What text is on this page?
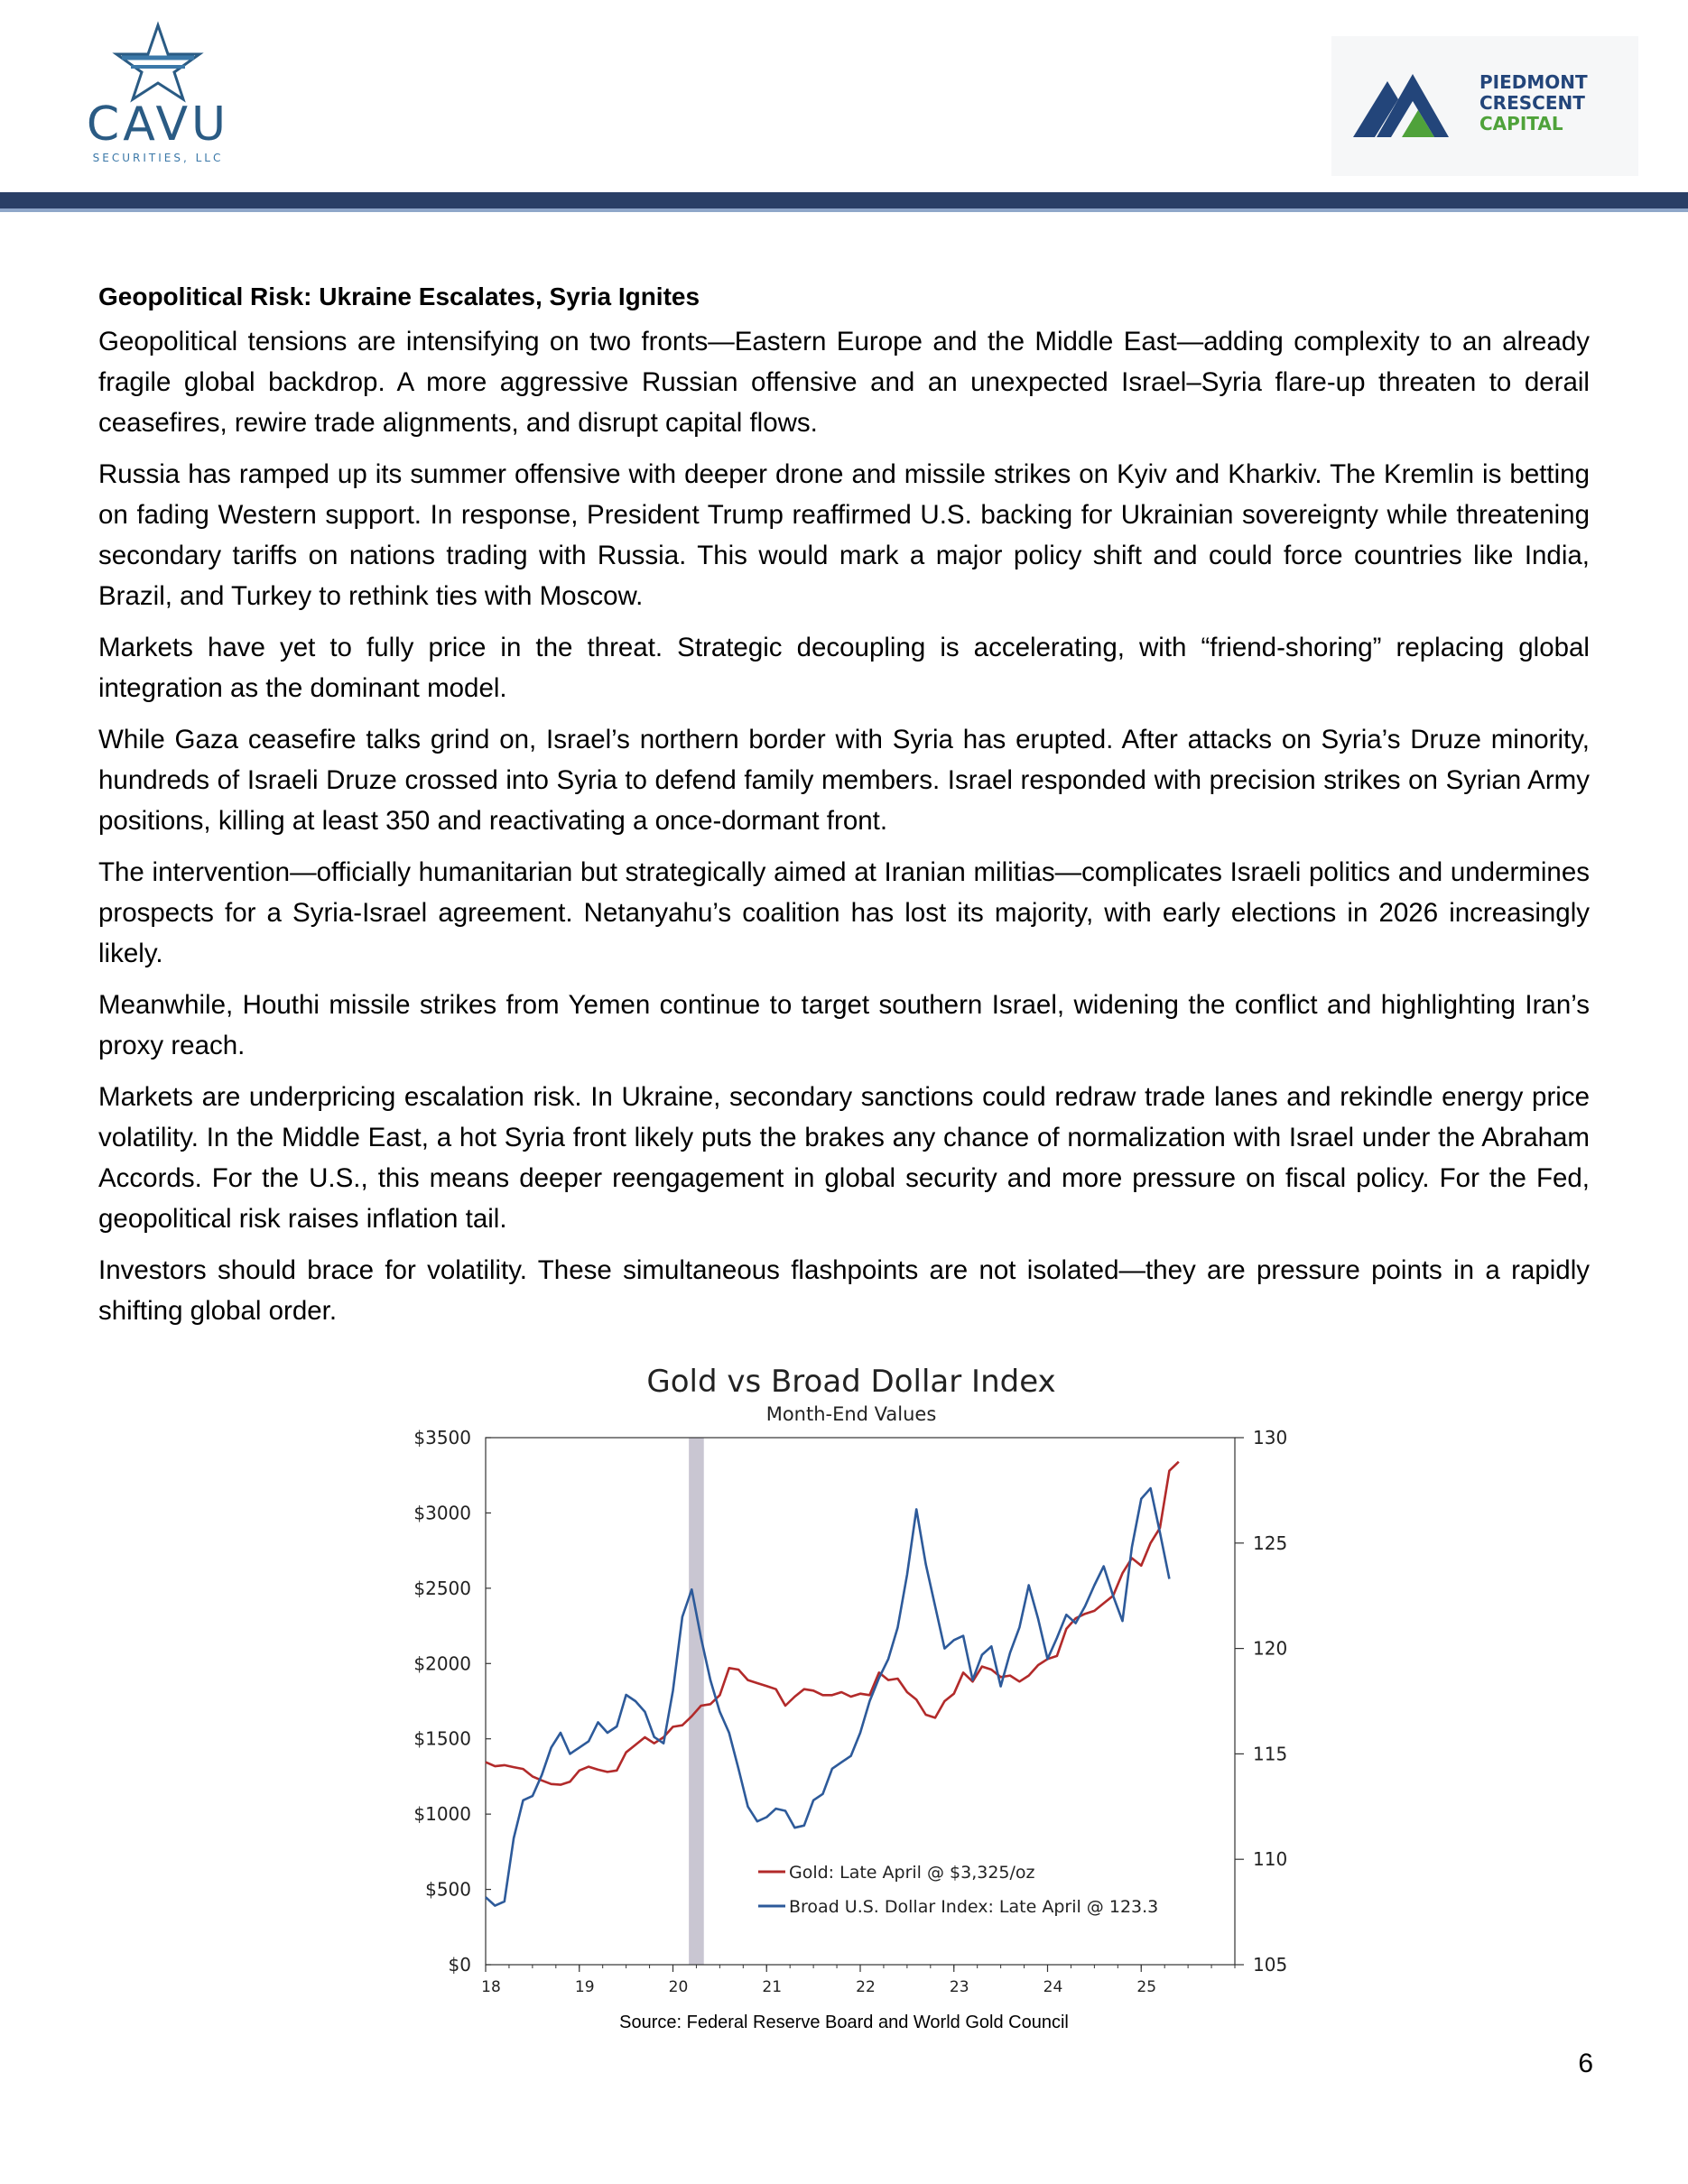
CAVU
SECURITIES, LLC
PIEDMONT
CRESCENT
CAPITAL
Geopolitical Risk: Ukraine Escalates, Syria Ignites

Geopolitical tensions are intensifying on two fronts—Eastern Europe and the Middle East—adding complexity to an already fragile global backdrop. A more aggressive Russian offensive and an unexpected Israel–Syria flare-up threaten to derail ceasefires, rewire trade alignments, and disrupt capital flows.

Russia has ramped up its summer offensive with deeper drone and missile strikes on Kyiv and Kharkiv. The Kremlin is betting on fading Western support. In response, President Trump reaffirmed U.S. backing for Ukrainian sovereignty while threatening secondary tariffs on nations trading with Russia. This would mark a major policy shift and could force countries like India, Brazil, and Turkey to rethink ties with Moscow.

Markets have yet to fully price in the threat. Strategic decoupling is accelerating, with “friend-shoring” replacing global integration as the dominant model.

While Gaza ceasefire talks grind on, Israel’s northern border with Syria has erupted. After attacks on Syria’s Druze minority, hundreds of Israeli Druze crossed into Syria to defend family members. Israel responded with precision strikes on Syrian Army positions, killing at least 350 and reactivating a once-dormant front.

The intervention—officially humanitarian but strategically aimed at Iranian militias—complicates Israeli politics and undermines prospects for a Syria-Israel agreement. Netanyahu’s coalition has lost its majority, with early elections in 2026 increasingly likely.

Meanwhile, Houthi missile strikes from Yemen continue to target southern Israel, widening the conflict and highlighting Iran’s proxy reach.

Markets are underpricing escalation risk. In Ukraine, secondary sanctions could redraw trade lanes and rekindle energy price volatility. In the Middle East, a hot Syria front likely puts the brakes any chance of normalization with Israel under the Abraham Accords. For the U.S., this means deeper reengagement in global security and more pressure on fiscal policy. For the Fed, geopolitical risk raises inflation tail.

Investors should brace for volatility. These simultaneous flashpoints are not isolated—they are pressure points in a rapidly shifting global order.

Gold vs Broad Dollar Index
Month-End Values
$0
$500
$1000
$1500
$2000
$2500
$3000
$3500
105
110
115
120
125
130
18	19	20	21	22	23	24	25
Gold: Late April @ $3,325/oz
Broad U.S. Dollar Index: Late April @ 123.3
Source: Federal Reserve Board and World Gold Council
6
